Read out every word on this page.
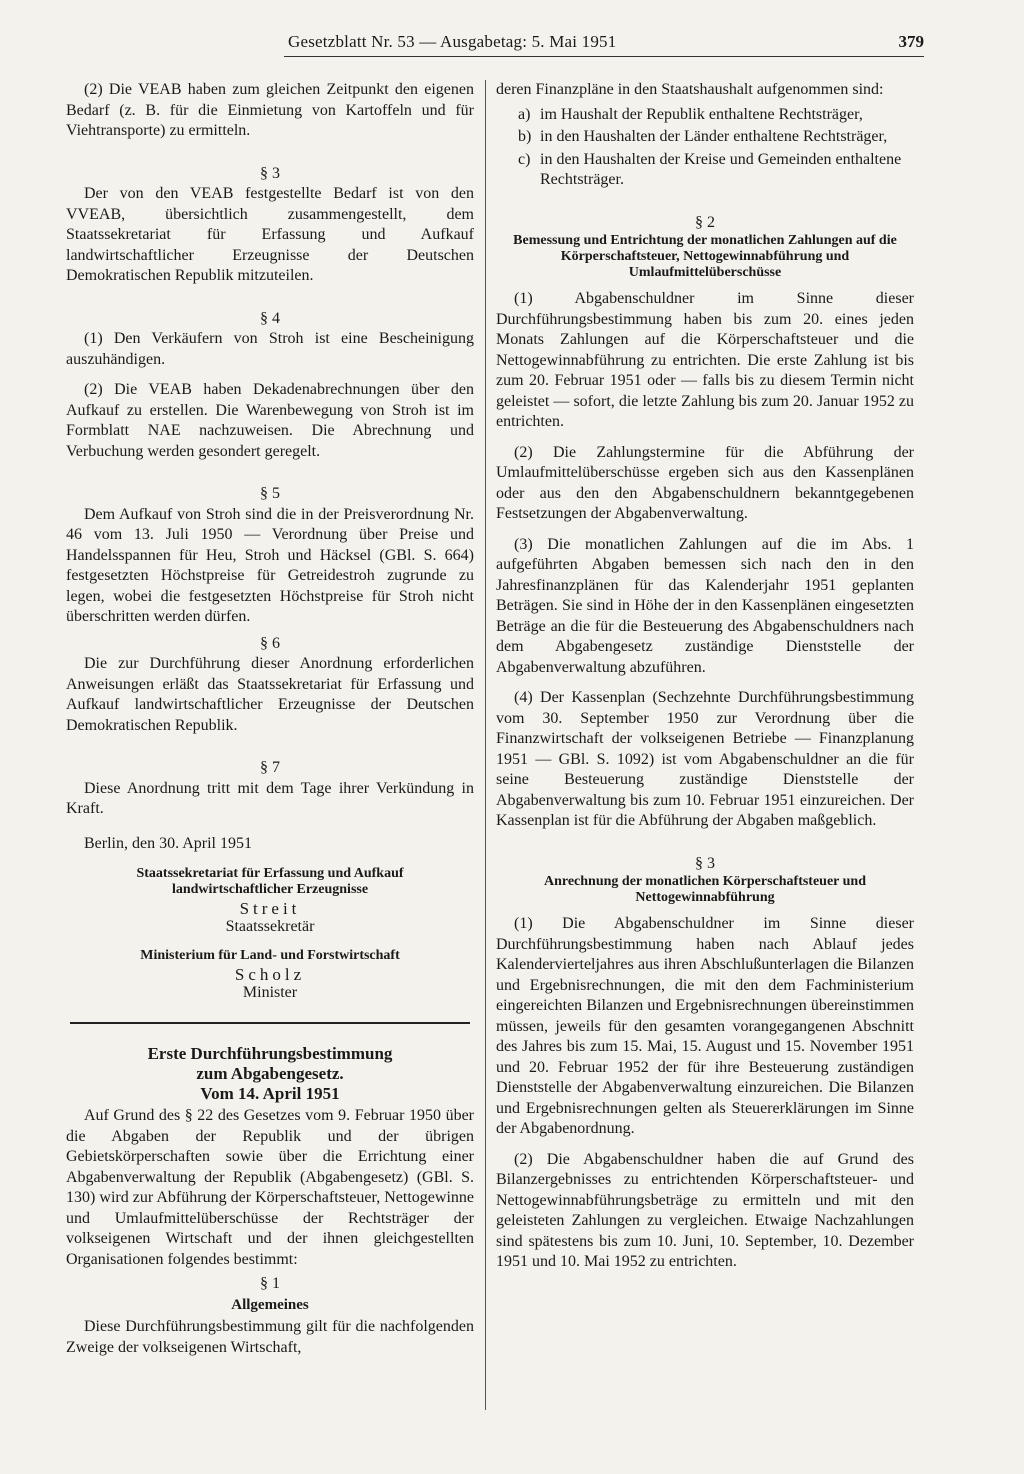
Gesetzblatt Nr. 53 — Ausgabetag: 5. Mai 1951	379

(2) Die VEAB haben zum gleichen Zeitpunkt den eigenen Bedarf (z. B. für die Einmietung von Kartoffeln und für Viehtransporte) zu ermitteln.

§ 3

Der von den VEAB festgestellte Bedarf ist von den VVEAB, übersichtlich zusammengestellt, dem Staatssekretariat für Erfassung und Aufkauf landwirtschaftlicher Erzeugnisse der Deutschen Demokratischen Republik mitzuteilen.

§ 4

(1) Den Verkäufern von Stroh ist eine Bescheinigung auszuhändigen.

(2) Die VEAB haben Dekadenabrechnungen über den Aufkauf zu erstellen. Die Warenbewegung von Stroh ist im Formblatt NAE nachzuweisen. Die Abrechnung und Verbuchung werden gesondert geregelt.

§ 5

Dem Aufkauf von Stroh sind die in der Preisverordnung Nr. 46 vom 13. Juli 1950 — Verordnung über Preise und Handelsspannen für Heu, Stroh und Häcksel (GBl. S. 664) festgesetzten Höchstpreise für Getreidestroh zugrunde zu legen, wobei die festgesetzten Höchstpreise für Stroh nicht überschritten werden dürfen.

§ 6

Die zur Durchführung dieser Anordnung erforderlichen Anweisungen erläßt das Staatssekretariat für Erfassung und Aufkauf landwirtschaftlicher Erzeugnisse der Deutschen Demokratischen Republik.

§ 7

Diese Anordnung tritt mit dem Tage ihrer Verkündung in Kraft.

Berlin, den 30. April 1951

Staatssekretariat für Erfassung und Aufkauf landwirtschaftlicher Erzeugnisse
Streit
Staatssekretär
Ministerium für Land- und Forstwirtschaft
Scholz
Minister
Erste Durchführungsbestimmung
zum Abgabengesetz.
Vom 14. April 1951

Auf Grund des § 22 des Gesetzes vom 9. Februar 1950 über die Abgaben der Republik und der übrigen Gebietskörperschaften sowie über die Errichtung einer Abgabenverwaltung der Republik (Abgabengesetz) (GBl. S. 130) wird zur Abführung der Körperschaftsteuer, Nettogewinne und Umlaufmittelüberschüsse der Rechtsträger der volkseigenen Wirtschaft und der ihnen gleichgestellten Organisationen folgendes bestimmt:

§ 1

Allgemeines

Diese Durchführungsbestimmung gilt für die nachfolgenden Zweige der volkseigenen Wirtschaft,

deren Finanzpläne in den Staatshaushalt aufgenommen sind:

a) im Haushalt der Republik enthaltene Rechtsträger,
b) in den Haushalten der Länder enthaltene Rechtsträger,
c) in den Haushalten der Kreise und Gemeinden enthaltene Rechtsträger.

§ 2

Bemessung und Entrichtung der monatlichen Zahlungen auf die Körperschaftsteuer, Nettogewinnabführung und Umlaufmittelüberschüsse

(1) Abgabenschuldner im Sinne dieser Durchführungsbestimmung haben bis zum 20. eines jeden Monats Zahlungen auf die Körperschaftsteuer und die Nettogewinnabführung zu entrichten. Die erste Zahlung ist bis zum 20. Februar 1951 oder — falls bis zu diesem Termin nicht geleistet — sofort, die letzte Zahlung bis zum 20. Januar 1952 zu entrichten.

(2) Die Zahlungstermine für die Abführung der Umlaufmittelüberschüsse ergeben sich aus den Kassenplänen oder aus den den Abgabenschuldnern bekanntgegebenen Festsetzungen der Abgabenverwaltung.

(3) Die monatlichen Zahlungen auf die im Abs. 1 aufgeführten Abgaben bemessen sich nach den in den Jahresfinanzplänen für das Kalenderjahr 1951 geplanten Beträgen. Sie sind in Höhe der in den Kassenplänen eingesetzten Beträge an die für die Besteuerung des Abgabenschuldners nach dem Abgabengesetz zuständige Dienststelle der Abgabenverwaltung abzuführen.

(4) Der Kassenplan (Sechzehnte Durchführungsbestimmung vom 30. September 1950 zur Verordnung über die Finanzwirtschaft der volkseigenen Betriebe — Finanzplanung 1951 — GBl. S. 1092) ist vom Abgabenschuldner an die für seine Besteuerung zuständige Dienststelle der Abgabenverwaltung bis zum 10. Februar 1951 einzureichen. Der Kassenplan ist für die Abführung der Abgaben maßgeblich.

§ 3

Anrechnung der monatlichen Körperschaftsteuer und Nettogewinnabführung

(1) Die Abgabenschuldner im Sinne dieser Durchführungsbestimmung haben nach Ablauf jedes Kalendervierteljahres aus ihren Abschlußunterlagen die Bilanzen und Ergebnisrechnungen, die mit den dem Fachministerium eingereichten Bilanzen und Ergebnisrechnungen übereinstimmen müssen, jeweils für den gesamten vorangegangenen Abschnitt des Jahres bis zum 15. Mai, 15. August und 15. November 1951 und 20. Februar 1952 der für ihre Besteuerung zuständigen Dienststelle der Abgabenverwaltung einzureichen. Die Bilanzen und Ergebnisrechnungen gelten als Steuererklärungen im Sinne der Abgabenordnung.

(2) Die Abgabenschuldner haben die auf Grund des Bilanzergebnisses zu entrichtenden Körperschaftsteuer- und Nettogewinnabführungsbeträge zu ermitteln und mit den geleisteten Zahlungen zu vergleichen. Etwaige Nachzahlungen sind spätestens bis zum 10. Juni, 10. September, 10. Dezember 1951 und 10. Mai 1952 zu entrichten.
